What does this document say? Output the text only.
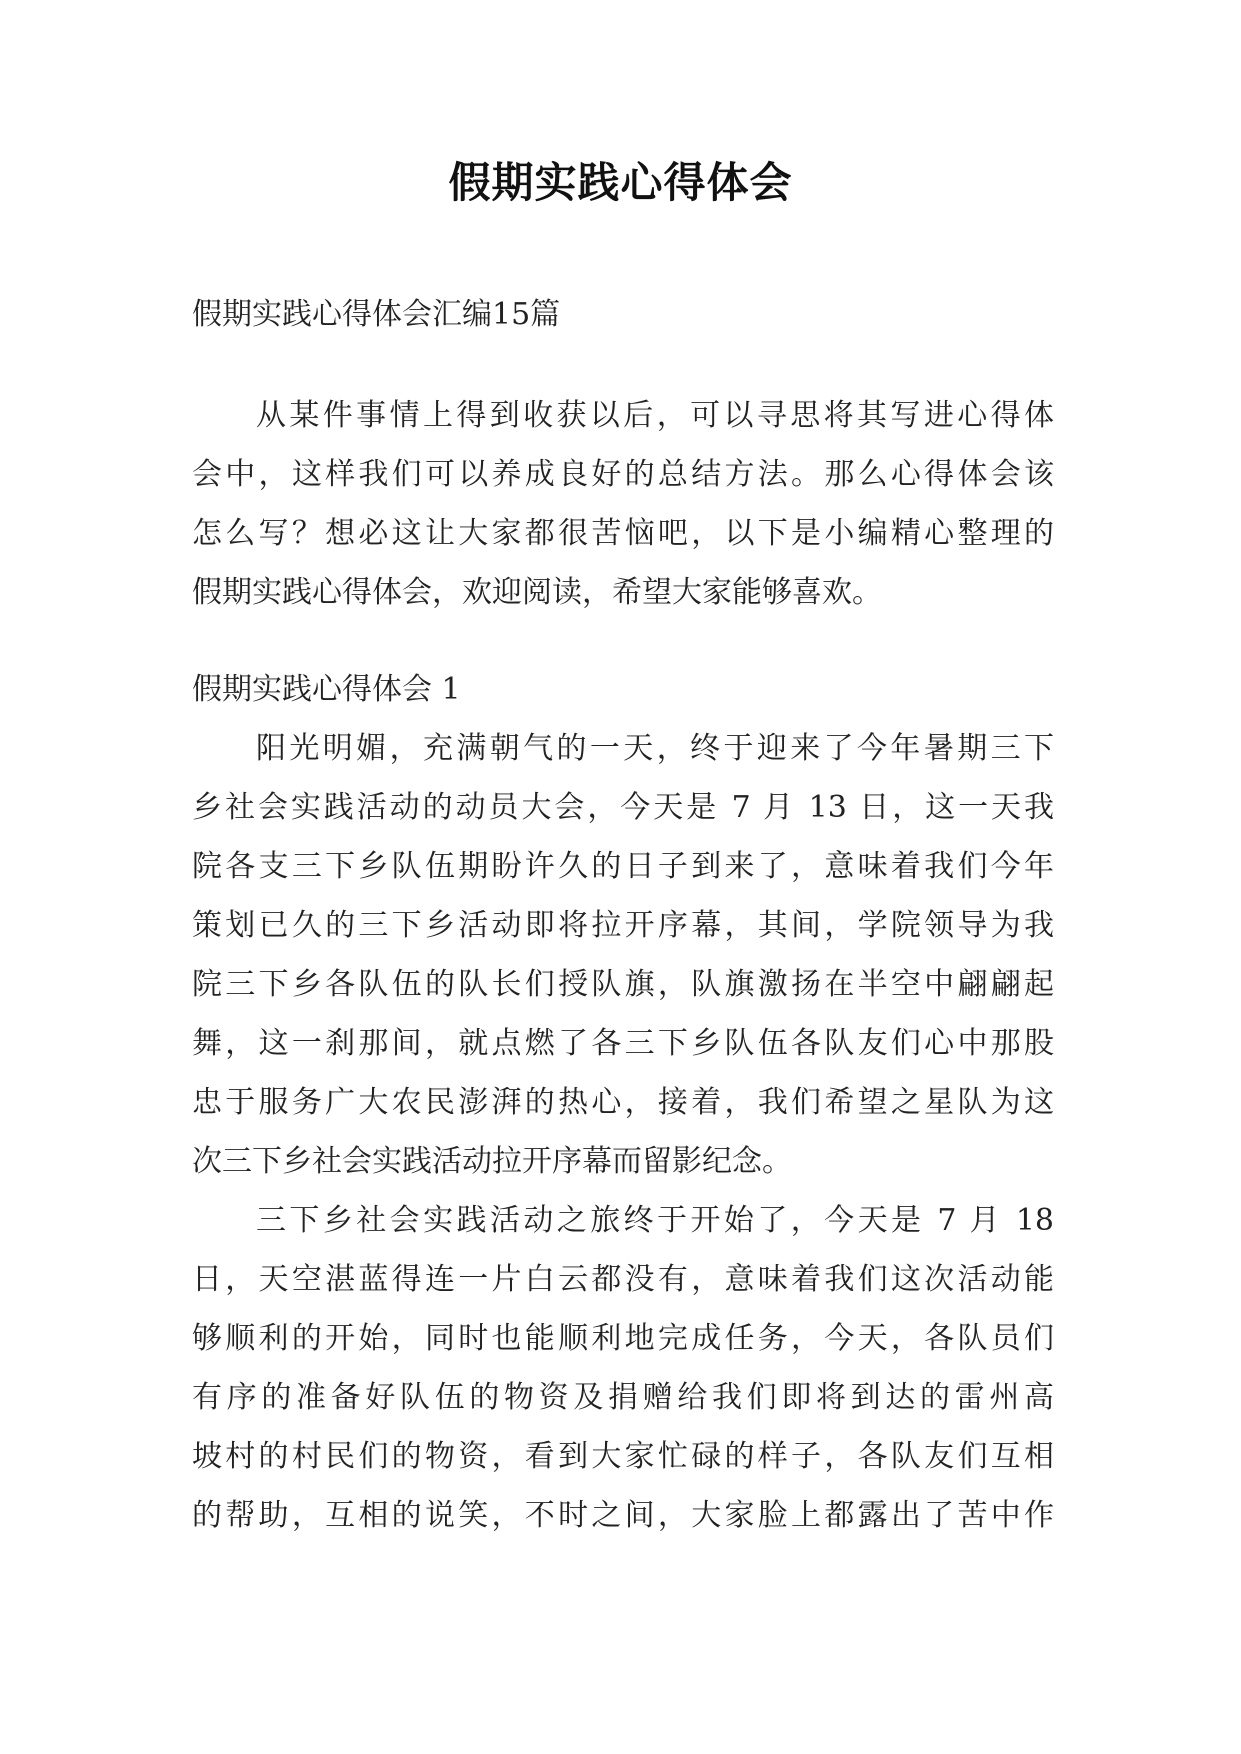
假期实践心得体会
假期实践心得体会汇编15篇
从某件事情上得到收获以后，可以寻思将其写进心得体
会中，这样我们可以养成良好的总结方法。那么心得体会该
怎么写？想必这让大家都很苦恼吧，以下是小编精心整理的
假期实践心得体会，欢迎阅读，希望大家能够喜欢。
假期实践心得体会 1
阳光明媚，充满朝气的一天，终于迎来了今年暑期三下
乡社会实践活动的动员大会，今天是 7 月 13 日，这一天我
院各支三下乡队伍期盼许久的日子到来了，意味着我们今年
策划已久的三下乡活动即将拉开序幕，其间，学院领导为我
院三下乡各队伍的队长们授队旗，队旗激扬在半空中翩翩起
舞，这一刹那间，就点燃了各三下乡队伍各队友们心中那股
忠于服务广大农民澎湃的热心，接着，我们希望之星队为这
次三下乡社会实践活动拉开序幕而留影纪念。
三下乡社会实践活动之旅终于开始了，今天是 7 月 18
日，天空湛蓝得连一片白云都没有，意味着我们这次活动能
够顺利的开始，同时也能顺利地完成任务，今天，各队员们
有序的准备好队伍的物资及捐赠给我们即将到达的雷州高
坡村的村民们的物资，看到大家忙碌的样子，各队友们互相
的帮助，互相的说笑，不时之间，大家脸上都露出了苦中作
